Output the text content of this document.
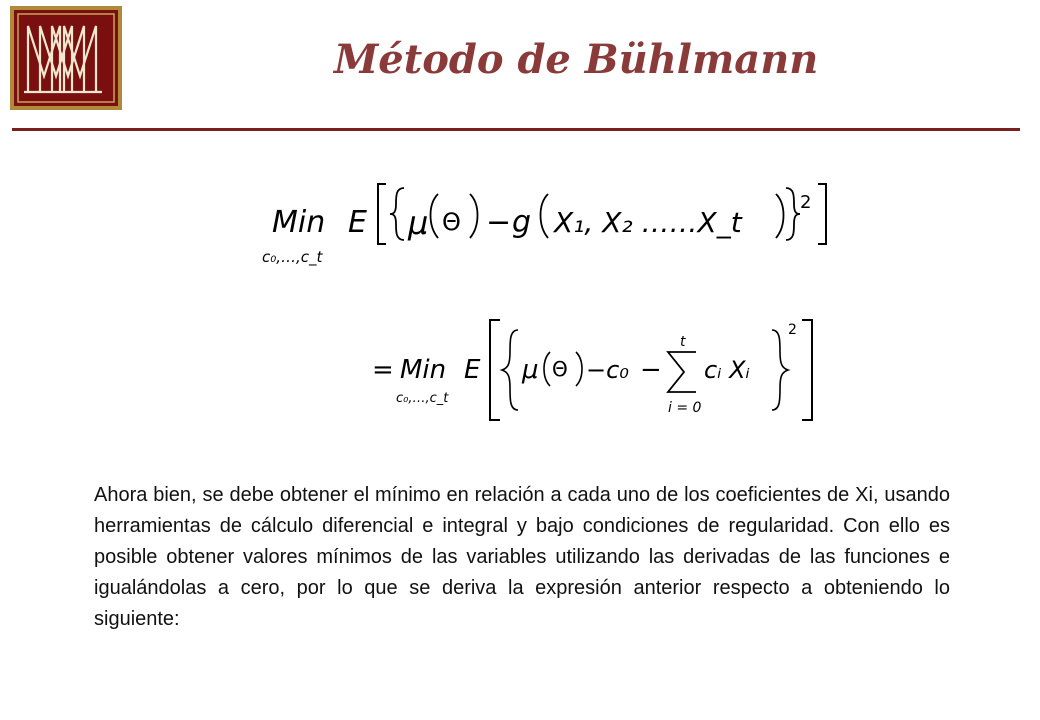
Método de Bühlmann
Min
c₀,…,c_t
E μ Θ − g X₁, X₂ ……X_t
2
= Min
c₀,…,c_t
E μ Θ −c₀ −
t
i = 0
cᵢ Xᵢ
2
Ahora bien, se debe obtener el mínimo en relación a cada uno de los coeficientes de Xi, usando herramientas de cálculo diferencial e integral y bajo condiciones de regularidad. Con ello es posible obtener valores mínimos de las variables utilizando las derivadas de las funciones e igualándolas a cero, por lo que se deriva la expresión anterior respecto a obteniendo lo siguiente:
